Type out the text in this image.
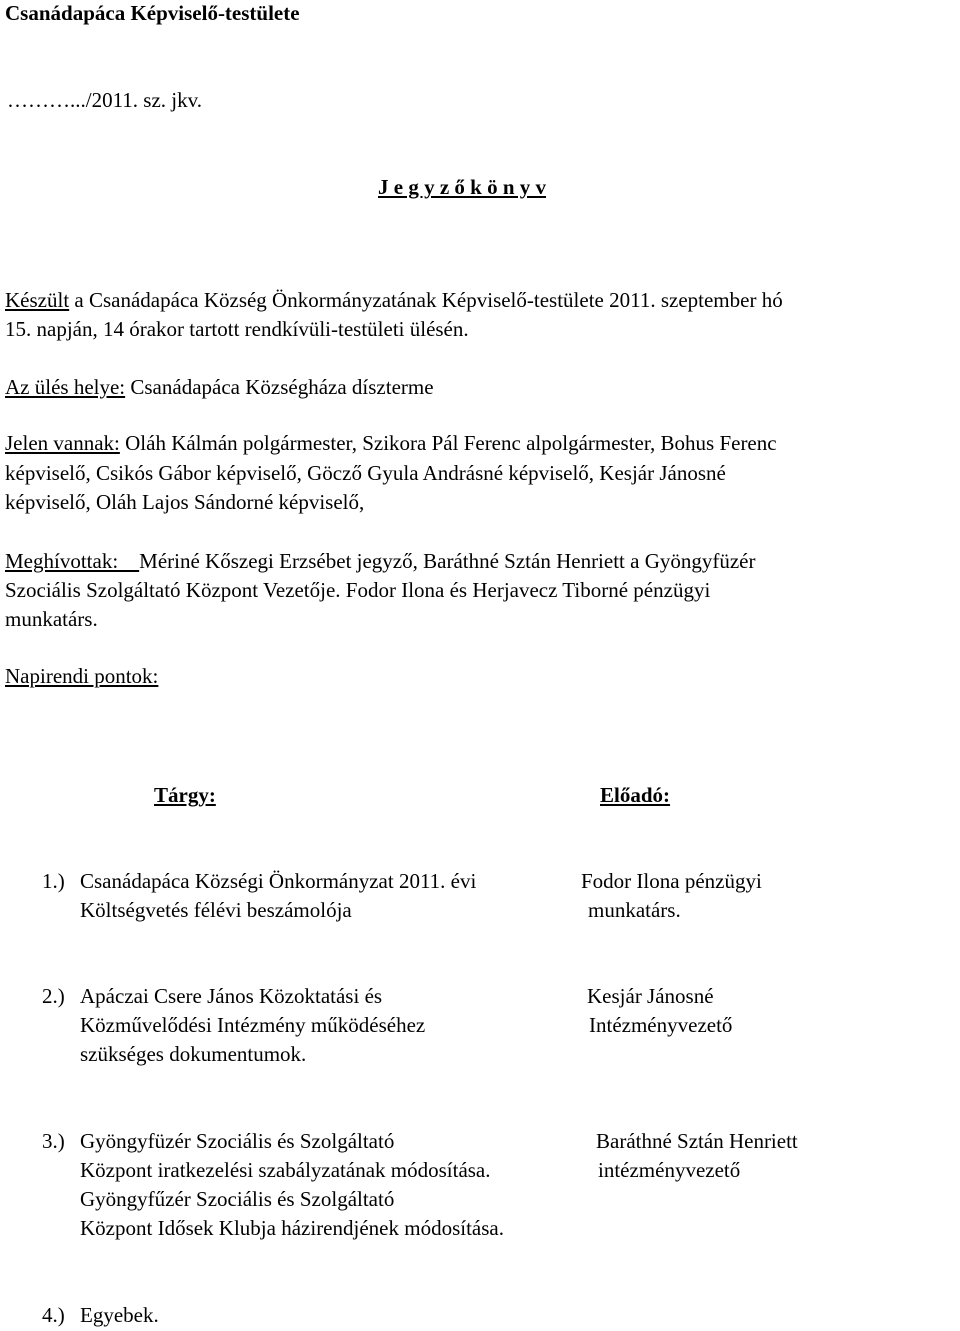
Csanádapáca Képviselő-testülete
……….../2011. sz. jkv.
J e g y z ő k ö n y v
Készült a Csanádapáca Község Önkormányzatának Képviselő-testülete 2011. szeptember hó
15. napján, 14 órakor tartott rendkívüli-testületi ülésén.
Az ülés helye: Csanádapáca Községháza díszterme
Jelen vannak: Oláh Kálmán polgármester, Szikora Pál Ferenc alpolgármester, Bohus Ferenc
képviselő, Csikós Gábor képviselő, Göcző Gyula Andrásné képviselő, Kesjár Jánosné
képviselő, Oláh Lajos Sándorné képviselő,
Meghívottak:    Mériné Kőszegi Erzsébet jegyző, Baráthné Sztán Henriett a Gyöngyfüzér
Szociális Szolgáltató Központ Vezetője. Fodor Ilona és Herjavecz Tiborné pénzügyi
munkatárs.
Napirendi pontok:
Tárgy:	Előadó:
1.) Csanádapáca Községi Önkormányzat 2011. évi
Költségvetés félévi beszámolója
Fodor Ilona pénzügyi
munkatárs.
2.) Apáczai Csere János Közoktatási és
Közművelődési Intézmény működéséhez
szükséges dokumentumok.
Kesjár Jánosné
Intézményvezető
3.) Gyöngyfüzér Szociális és Szolgáltató
Központ iratkezelési szabályzatának módosítása.
Gyöngyfűzér Szociális és Szolgáltató
Központ Idősek Klubja házirendjének módosítása.
Baráthné Sztán Henriett
intézményvezető
4.) Egyebek.
